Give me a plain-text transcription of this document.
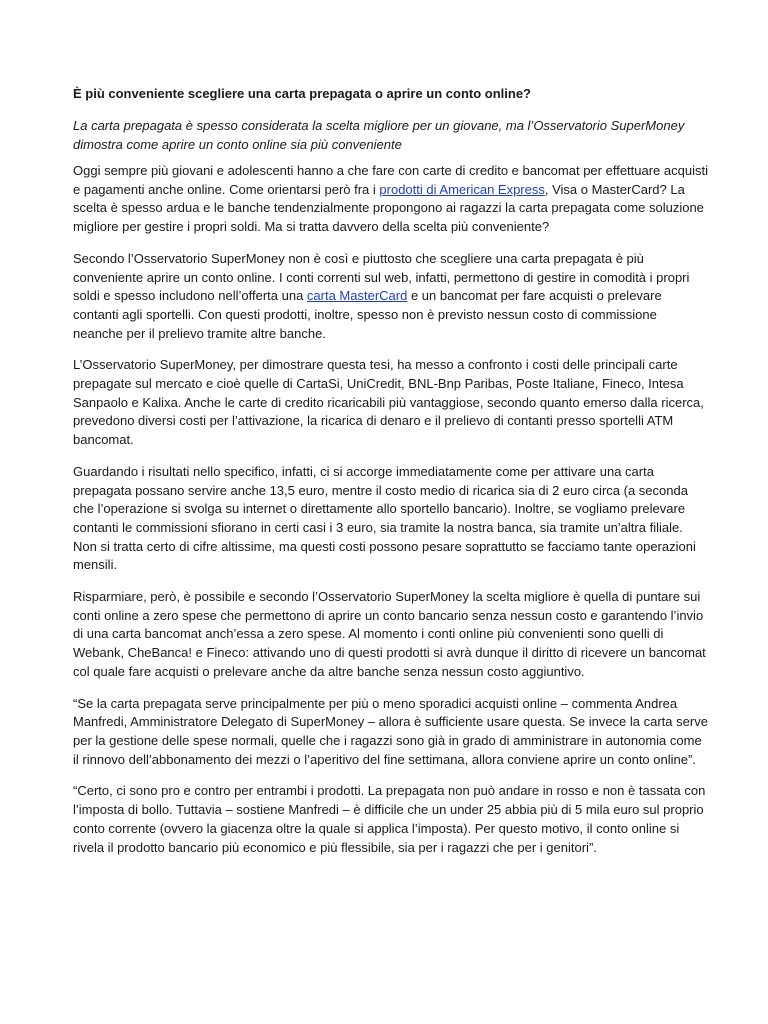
È più conveniente scegliere una carta prepagata o aprire un conto online?

La carta prepagata è spesso considerata la scelta migliore per un giovane, ma l’Osservatorio SuperMoney dimostra come aprire un conto online sia più conveniente

Oggi sempre più giovani e adolescenti hanno a che fare con carte di credito e bancomat per effettuare acquisti e pagamenti anche online. Come orientarsi però fra i prodotti di American Express, Visa o MasterCard? La scelta è spesso ardua e le banche tendenzialmente propongono ai ragazzi la carta prepagata come soluzione migliore per gestire i propri soldi. Ma si tratta davvero della scelta più conveniente?

Secondo l’Osservatorio SuperMoney non è così e piuttosto che scegliere una carta prepagata è più conveniente aprire un conto online. I conti correnti sul web, infatti, permettono di gestire in comodità i propri soldi e spesso includono nell’offerta una carta MasterCard e un bancomat per fare acquisti o prelevare contanti agli sportelli. Con questi prodotti, inoltre, spesso non è previsto nessun costo di commissione neanche per il prelievo tramite altre banche.

L’Osservatorio SuperMoney, per dimostrare questa tesi, ha messo a confronto i costi delle principali carte prepagate sul mercato e cioè quelle di CartaSi, UniCredit, BNL-Bnp Paribas, Poste Italiane, Fineco, Intesa Sanpaolo e Kalixa. Anche le carte di credito ricaricabili più vantaggiose, secondo quanto emerso dalla ricerca, prevedono diversi costi per l’attivazione, la ricarica di denaro e il prelievo di contanti presso sportelli ATM bancomat.

Guardando i risultati nello specifico, infatti, ci si accorge immediatamente come per attivare una carta prepagata possano servire anche 13,5 euro, mentre il costo medio di ricarica sia di 2 euro circa (a seconda che l’operazione si svolga su internet o direttamente allo sportello bancario). Inoltre, se vogliamo prelevare contanti le commissioni sfiorano in certi casi i 3 euro, sia tramite la nostra banca, sia tramite un’altra filiale. Non si tratta certo di cifre altissime, ma questi costi possono pesare soprattutto se facciamo tante operazioni mensili.

Risparmiare, però, è possibile e secondo l’Osservatorio SuperMoney la scelta migliore è quella di puntare sui conti online a zero spese che permettono di aprire un conto bancario senza nessun costo e garantendo l’invio di una carta bancomat anch’essa a zero spese. Al momento i conti online più convenienti sono quelli di Webank, CheBanca! e Fineco: attivando uno di questi prodotti si avrà dunque il diritto di ricevere un bancomat col quale fare acquisti o prelevare anche da altre banche senza nessun costo aggiuntivo.

“Se la carta prepagata serve principalmente per più o meno sporadici acquisti online – commenta Andrea Manfredi, Amministratore Delegato di SuperMoney – allora è sufficiente usare questa. Se invece la carta serve per la gestione delle spese normali, quelle che i ragazzi sono già in grado di amministrare in autonomia come il rinnovo dell’abbonamento dei mezzi o l’aperitivo del fine settimana, allora conviene aprire un conto online”.

“Certo, ci sono pro e contro per entrambi i prodotti. La prepagata non può andare in rosso e non è tassata con l’imposta di bollo. Tuttavia – sostiene Manfredi – è difficile che un under 25 abbia più di 5 mila euro sul proprio conto corrente (ovvero la giacenza oltre la quale si applica l’imposta). Per questo motivo, il conto online si rivela il prodotto bancario più economico e più flessibile, sia per i ragazzi che per i genitori”.
